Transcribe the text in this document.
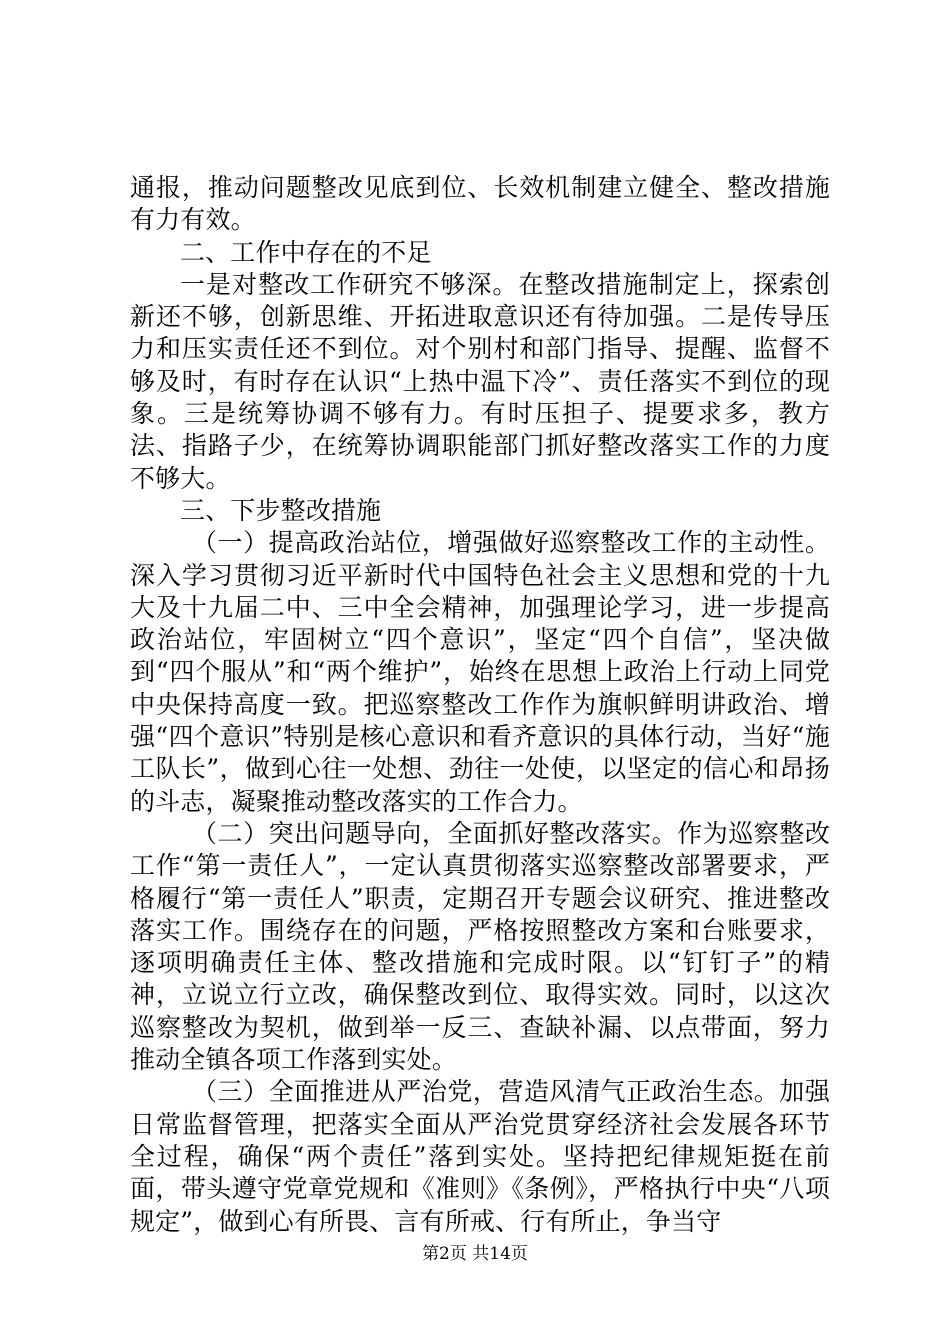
通报，推动问题整改见底到位、长效机制建立健全、整改措施有力有效。

二、工作中存在的不足

一是对整改工作研究不够深。在整改措施制定上，探索创新还不够，创新思维、开拓进取意识还有待加强。二是传导压力和压实责任还不到位。对个别村和部门指导、提醒、监督不够及时，有时存在认识“上热中温下冷”、责任落实不到位的现象。三是统筹协调不够有力。有时压担子、提要求多，教方法、指路子少，在统筹协调职能部门抓好整改落实工作的力度不够大。

三、下步整改措施

（一）提高政治站位，增强做好巡察整改工作的主动性。深入学习贯彻习近平新时代中国特色社会主义思想和党的十九大及十九届二中、三中全会精神，加强理论学习，进一步提高政治站位，牢固树立“四个意识”，坚定“四个自信”，坚决做到“四个服从”和“两个维护”，始终在思想上政治上行动上同党中央保持高度一致。把巡察整改工作作为旗帜鲜明讲政治、增强“四个意识”特别是核心意识和看齐意识的具体行动，当好“施工队长”，做到心往一处想、劲往一处使，以坚定的信心和昂扬的斗志，凝聚推动整改落实的工作合力。

（二）突出问题导向，全面抓好整改落实。作为巡察整改工作“第一责任人”，一定认真贯彻落实巡察整改部署要求，严格履行“第一责任人”职责，定期召开专题会议研究、推进整改落实工作。围绕存在的问题，严格按照整改方案和台账要求，逐项明确责任主体、整改措施和完成时限。以“钉钉子”的精神，立说立行立改，确保整改到位、取得实效。同时，以这次巡察整改为契机，做到举一反三、查缺补漏、以点带面，努力推动全镇各项工作落到实处。

（三）全面推进从严治党，营造风清气正政治生态。加强日常监督管理，把落实全面从严治党贯穿经济社会发展各环节全过程，确保“两个责任”落到实处。坚持把纪律规矩挺在前面，带头遵守党章党规和《准则》《条例》，严格执行中央“八项规定”，做到心有所畏、言有所戒、行有所止，争当守

第2页 共14页
